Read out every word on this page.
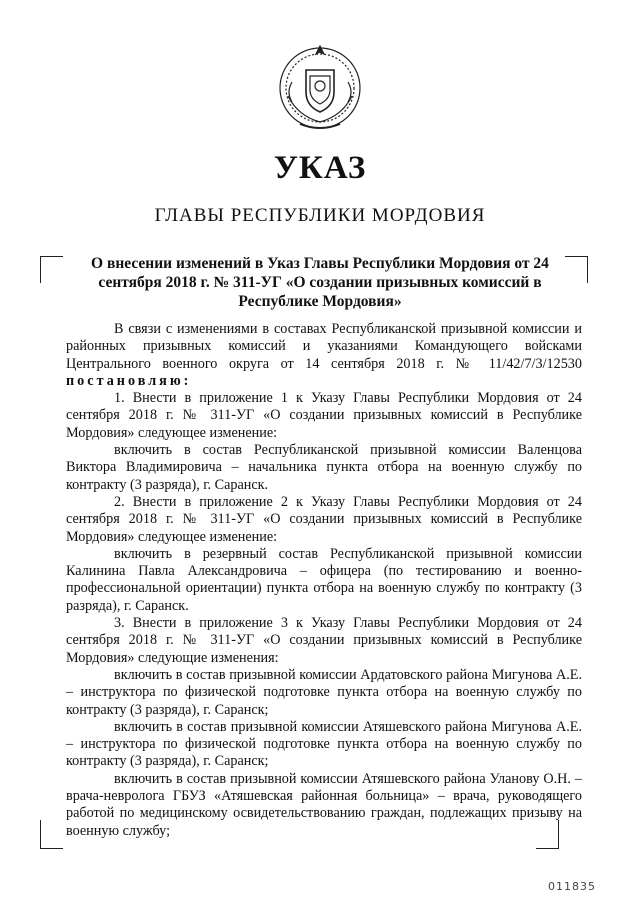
УКАЗ
ГЛАВЫ РЕСПУБЛИКИ МОРДОВИЯ
О внесении изменений в Указ Главы Республики Мордовия от 24 сентября 2018 г. № 311-УГ «О создании призывных комиссий в Республике Мордовия»

В связи с изменениями в составах Республиканской призывной комиссии и районных призывных комиссий и указаниями Командующего войсками Центрального военного округа от 14 сентября 2018 г. № 11/42/7/3/12530 постановляю:

1. Внести в приложение 1 к Указу Главы Республики Мордовия от 24 сентября 2018 г. № 311-УГ «О создании призывных комиссий в Республике Мордовия» следующее изменение:

включить в состав Республиканской призывной комиссии Валенцова Виктора Владимировича – начальника пункта отбора на военную службу по контракту (3 разряда), г. Саранск.

2. Внести в приложение 2 к Указу Главы Республики Мордовия от 24 сентября 2018 г. № 311-УГ «О создании призывных комиссий в Республике Мордовия» следующее изменение:

включить в резервный состав Республиканской призывной комиссии Калинина Павла Александровича – офицера (по тестированию и военно-профессиональной ориентации) пункта отбора на военную службу по контракту (3 разряда), г. Саранск.

3. Внести в приложение 3 к Указу Главы Республики Мордовия от 24 сентября 2018 г. № 311-УГ «О создании призывных комиссий в Республике Мордовия» следующие изменения:

включить в состав призывной комиссии Ардатовского района Мигунова А.Е. – инструктора по физической подготовке пункта отбора на военную службу по контракту (3 разряда), г. Саранск;

включить в состав призывной комиссии Атяшевского района Мигунова А.Е. – инструктора по физической подготовке пункта отбора на военную службу по контракту (3 разряда), г. Саранск;

включить в состав призывной комиссии Атяшевского района Уланову О.Н. – врача-невролога ГБУЗ «Атяшевская районная больница» – врача, руководящего работой по медицинскому освидетельствованию граждан, подлежащих призыву на военную службу;

011835
